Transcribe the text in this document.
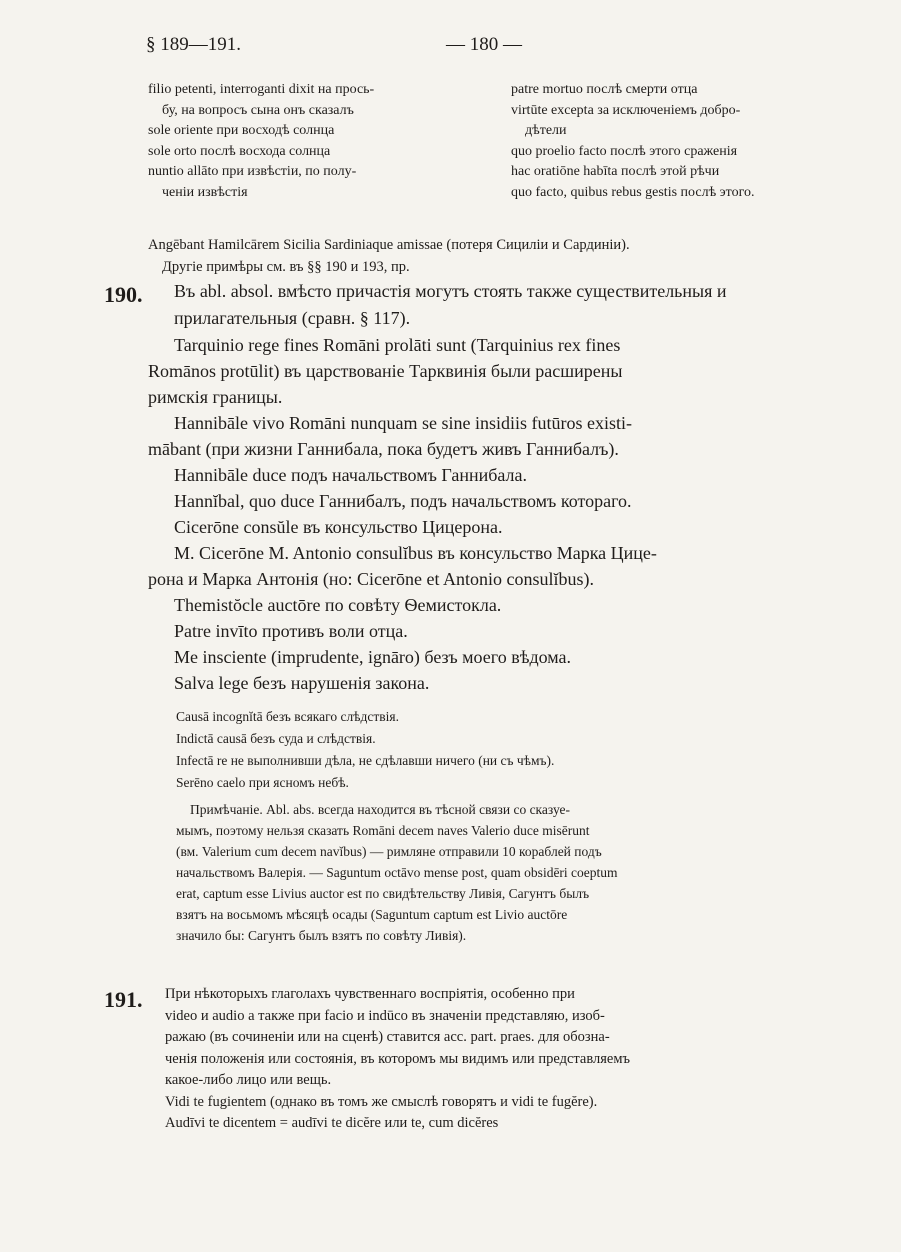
§ 189—191.	— 180 —
filio petenti, interroganti dixit на прось-
бу, на вопросъ сына онъ сказалъ
sole oriente при восходѣ солнца
sole orto послѣ восхода солнца
nuntio allāto при извѣстіи, по полу-
ченіи извѣстія
patre mortuo послѣ смерти отца
virtūte excepta за исключеніемъ добро-
дѣтели
quo proelio facto послѣ этого сраженія
hac oratiōne habīta послѣ этой рѣчи
quo facto, quibus rebus gestis послѣ этого.
Angēbant Hamilcārem Sicilia Sardiniaque amissae (потеря Сициліи и Сардиніи).
Другіе примѣры см. въ §§ 190 и 193, пр.
190.	Въ abl. absol. вмѣсто причастія могутъ стоять также существительныя и прилагательныя (сравн. § 117).
Tarquinio rege fines Romāni prolāti sunt (Tarquinius rex fines
Romānos protūlit) въ царствованіе Тарквинія были расширены
римскія границы.
Hannibāle vivo Romāni nunquam se sine insidiis futūros existi-
mābant (при жизни Ганнибала, пока будетъ живъ Ганнибалъ).
Hannibāle duce подъ начальствомъ Ганнибала.
Hannĭbal, quo duce Ганнибалъ, подъ начальствомъ котораго.
Cicerōne consŭle въ консульство Цицерона.
M. Cicerōne M. Antonio consulĭbus въ консульство Марка Цице-
рона и Марка Антонія (но: Cicerōne et Antonio consulĭbus).
Themistŏcle auctōre по совѣту Ѳемистокла.
Patre invīto противъ воли отца.
Me insciente (imprudente, ignāro) безъ моего вѣдома.
Salva lege безъ нарушенія закона.
Causā incognĭtā безъ всякаго слѣдствія.
Indictā causā безъ суда и слѣдствія.
Infectā re не выполнивши дѣла, не сдѣлавши ничего (ни съ чѣмъ).
Serēno caelo при ясномъ небѣ.
Примѣчаніе. Abl. abs. всегда находится въ тѣсной связи со сказуе-
мымъ, поэтому нельзя сказать Romāni decem naves Valerio duce misērunt
(вм. Valerium cum decem navĭbus) — римляне отправили 10 кораблей подъ
начальствомъ Валерія. — Saguntum octāvo mense post, quam obsidēri coeptum
erat, captum esse Livius auctor est по свидѣтельству Ливія, Сагунтъ былъ
взятъ на восьмомъ мѣсяцѣ осады (Saguntum captum est Livio auctōre
значило бы: Сагунтъ былъ взятъ по совѣту Ливія).
191. При нѣкоторыхъ глаголахъ чувственнаго воспріятія, особенно при
video и audio а также при facio и indūco въ значеніи представляю, изоб-
ражаю (въ сочиненіи или на сценѣ) ставится acc. part. praes. для обозна-
ченія положенія или состоянія, въ которомъ мы видимъ или представляемъ
какое-либо лицо или вещь.
Vidi te fugientem (однако въ томъ же смыслѣ говорятъ и vidi te fugĕre).
Audīvi te dicentem = audīvi te dicĕre или te, cum dicĕres
